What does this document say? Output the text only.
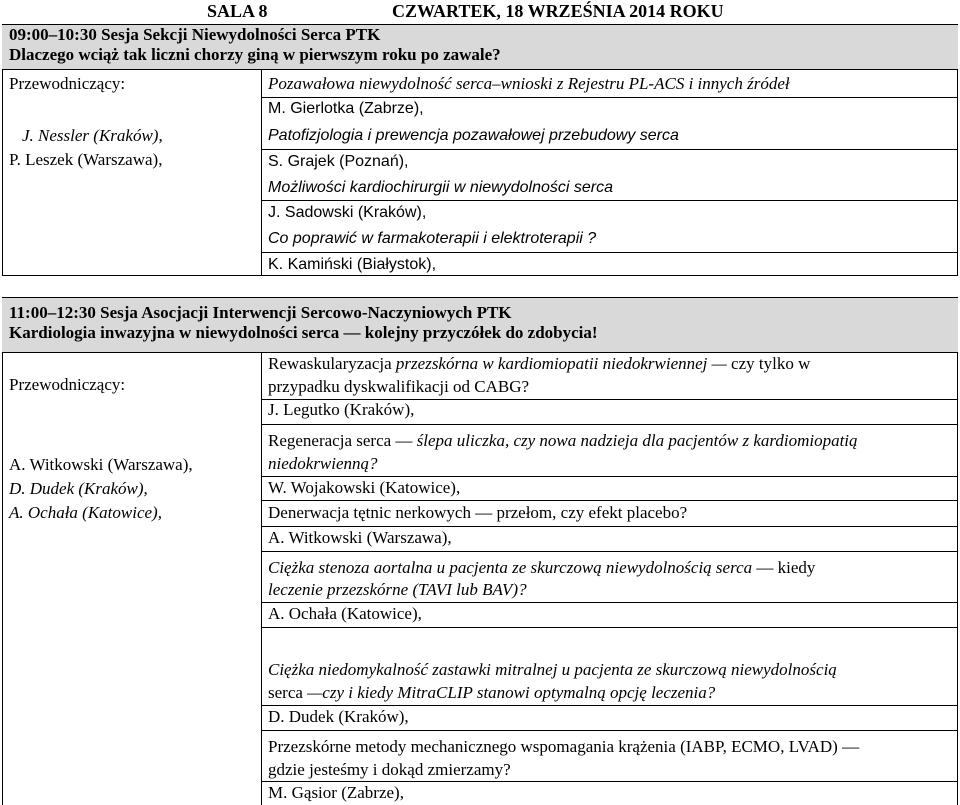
SALA 8	CZWARTEK, 18 WRZEŚNIA 2014 ROKU
09:00–10:30 Sesja Sekcji Niewydolności Serca PTK
Dlaczego wciąż tak liczni chorzy giną w pierwszym roku po zawale?
Przewodniczący:
J. Nessler (Kraków),
P. Leszek (Warszawa),
Pozawałowa niewydolność serca–wnioski z Rejestru PL-ACS i innych źródeł
M. Gierlotka (Zabrze),
Patofizjologia i prewencja pozawałowej przebudowy serca
S. Grajek (Poznań),
Możliwości kardiochirurgii w niewydolności serca
J. Sadowski (Kraków),
Co poprawić w farmakoterapii i elektroterapii ?
K. Kamiński (Białystok),
11:00–12:30 Sesja Asocjacji Interwencji Sercowo-Naczyniowych PTK
Kardiologia inwazyjna w niewydolności serca — kolejny przyczółek do zdobycia!
Przewodniczący:
A. Witkowski (Warszawa),
D. Dudek (Kraków),
A. Ochała (Katowice),
Rewaskularyzacja przezskórna w kardiomiopatii niedokrwiennej — czy tylko w
przypadku dyskwalifikacji od CABG?
J. Legutko (Kraków),
Regeneracja serca — ślepa uliczka, czy nowa nadzieja dla pacjentów z kardiomiopatią
niedokrwienną?
W. Wojakowski (Katowice),
Denerwacja tętnic nerkowych — przełom, czy efekt placebo?
A. Witkowski (Warszawa),
Ciężka stenoza aortalna u pacjenta ze skurczową niewydolnością serca — kiedy
leczenie przezskórne (TAVI lub BAV)?
A. Ochała (Katowice),
Ciężka niedomykalność zastawki mitralnej u pacjenta ze skurczową niewydolnością
serca —czy i kiedy MitraCLIP stanowi optymalną opcję leczenia?
D. Dudek (Kraków),
Przezskórne metody mechanicznego wspomagania krążenia (IABP, ECMO, LVAD) —
gdzie jesteśmy i dokąd zmierzamy?
M. Gąsior (Zabrze),
